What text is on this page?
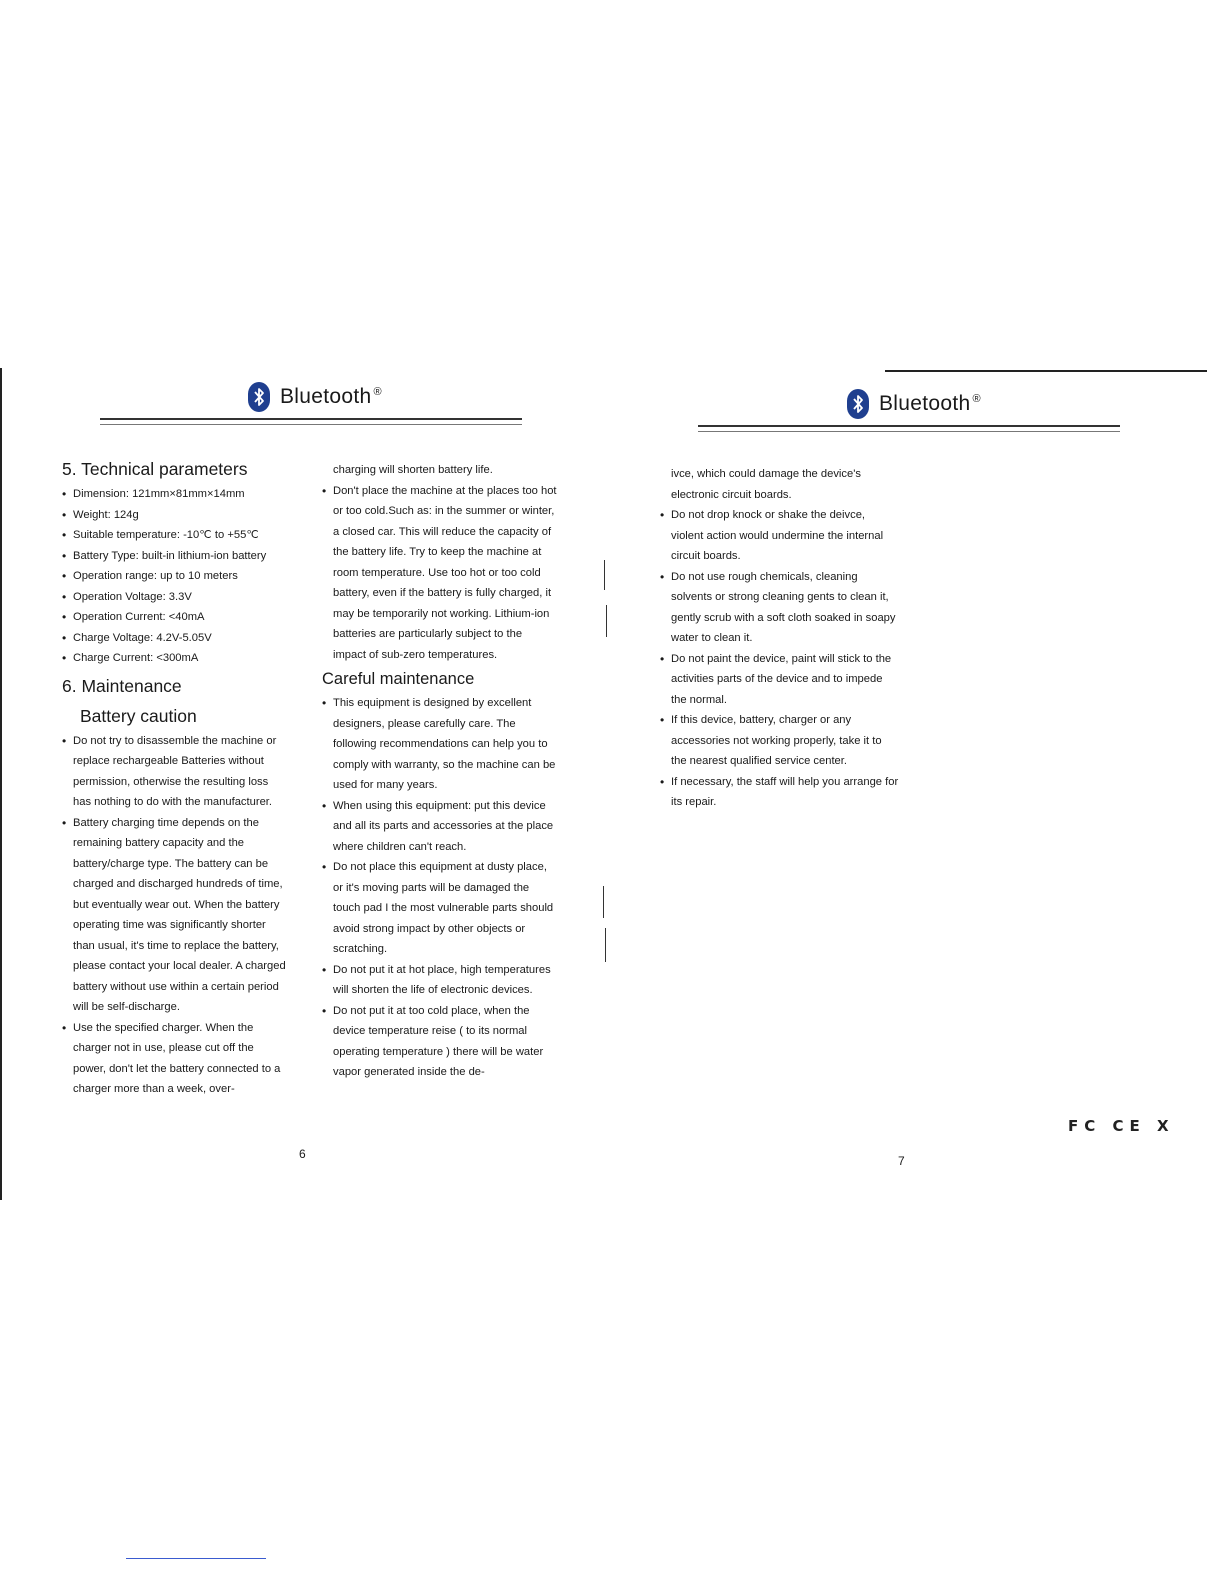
Bluetooth ®	Bluetooth ®
5. Technical parameters
• Dimension: 121mm×81mm×14mm
• Weight: 124g
• Suitable temperature: -10℃ to +55℃
• Battery Type: built-in lithium-ion battery
• Operation range: up to 10 meters
• Operation Voltage: 3.3V
• Operation Current: <40mA
• Charge Voltage: 4.2V-5.05V
• Charge Current: <300mA
6. Maintenance
Battery caution
• Do not try to disassemble the machine or replace rechargeable Batteries without permission, otherwise the resulting loss has nothing to do with the manufacturer.
• Battery charging time depends on the remaining battery capacity and the battery/charge type. The battery can be charged and discharged hundreds of time, but eventually wear out. When the battery operating time was significantly shorter than usual, it's time to replace the battery, please contact your local dealer. A charged battery without use within a certain period will be self-discharge.
• Use the specified charger. When the charger not in use, please cut off the power, don't let the battery connected to a charger more than a week, over-
charging will shorten battery life.
• Don't place the machine at the places too hot or too cold.Such as: in the summer or winter, a closed car. This will reduce the capacity of the battery life. Try to keep the machine at room temperature. Use too hot or too cold battery, even if the battery is fully charged, it may be temporarily not working. Lithium-ion batteries are particularly subject to the impact of sub-zero temperatures.
Careful maintenance
• This equipment is designed by excellent designers, please carefully care. The following recommendations can help you to comply with warranty, so the machine can be used for many years.
• When using this equipment: put this device and all its parts and accessories at the place where children can't reach.
• Do not place this equipment at dusty place, or it's moving parts will be damaged the touch pad I the most vulnerable parts should avoid strong impact by other objects or scratching.
• Do not put it at hot place, high temperatures will shorten the life of electronic devices.
• Do not put it at too cold place, when the device temperature reise ( to its normal operating temperature ) there will be water vapor generated inside the de-
6
ivce, which could damage the device's electronic circuit boards.
• Do not drop knock or shake the deivce, violent action would undermine the internal circuit boards.
• Do not use rough chemicals, cleaning solvents or strong cleaning gents to clean it, gently scrub with a soft cloth soaked in soapy water to clean it.
• Do not paint the device, paint will stick to the activities parts of the device and to impede the normal.
• If this device, battery, charger or any accessories not working properly, take it to the nearest qualified service center.
• If necessary, the staff will help you arrange for its repair.
FC CE X
7
